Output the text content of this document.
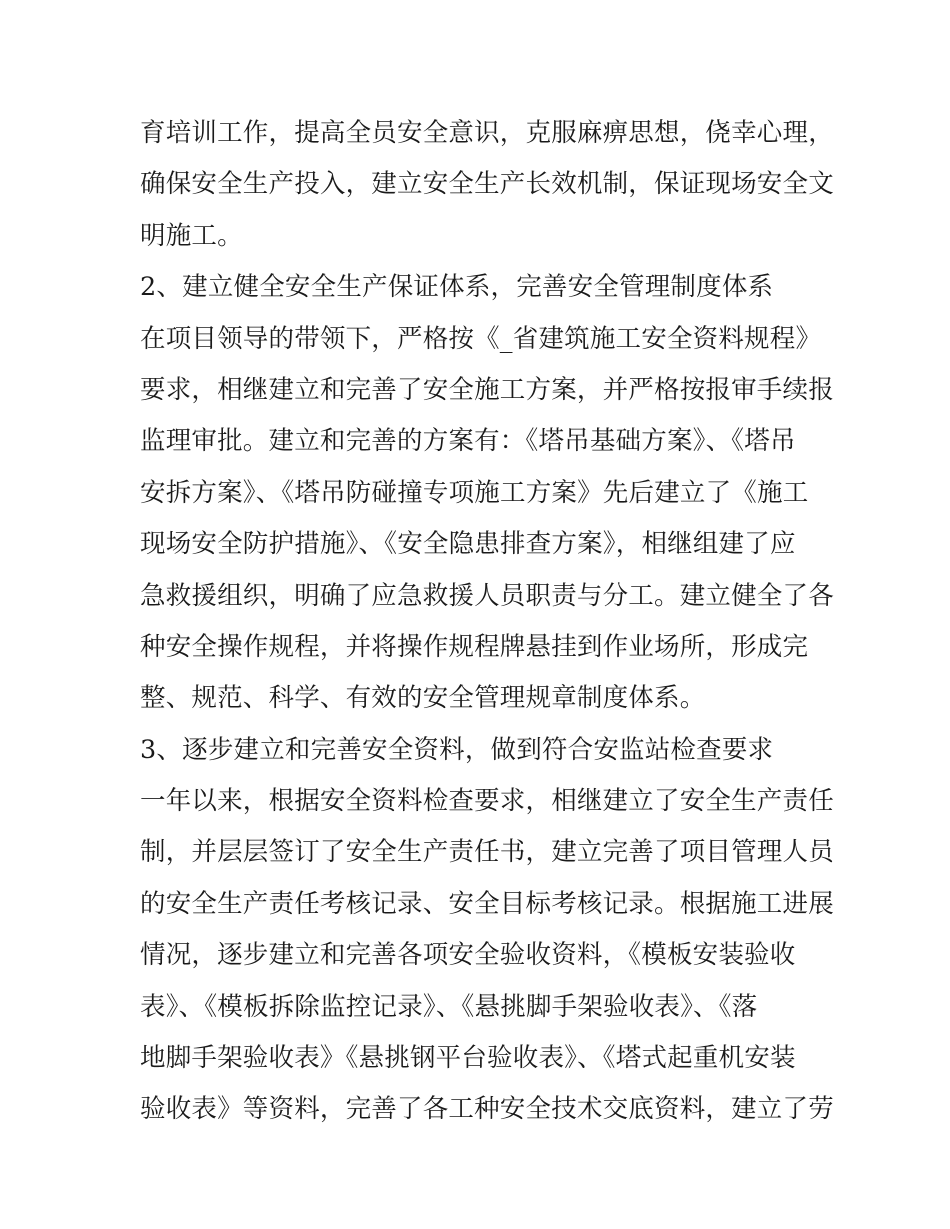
育培训工作，提高全员安全意识，克服麻痹思想，侥幸心理，
确保安全生产投入，建立安全生产长效机制，保证现场安全文
明施工。
2、建立健全安全生产保证体系，完善安全管理制度体系
在项目领导的带领下，严格按《_省建筑施工安全资料规程》
要求，相继建立和完善了安全施工方案，并严格按报审手续报
监理审批。建立和完善的方案有：《塔吊基础方案》、《塔吊
安拆方案》、《塔吊防碰撞专项施工方案》先后建立了《施工
现场安全防护措施》、《安全隐患排查方案》，相继组建了应
急救援组织，明确了应急救援人员职责与分工。建立健全了各
种安全操作规程，并将操作规程牌悬挂到作业场所，形成完
整、规范、科学、有效的安全管理规章制度体系。
3、逐步建立和完善安全资料，做到符合安监站检查要求
一年以来，根据安全资料检查要求，相继建立了安全生产责任
制，并层层签订了安全生产责任书，建立完善了项目管理人员
的安全生产责任考核记录、安全目标考核记录。根据施工进展
情况，逐步建立和完善各项安全验收资料，《模板安装验收
表》、《模板拆除监控记录》、《悬挑脚手架验收表》、《落
地脚手架验收表》《悬挑钢平台验收表》、《塔式起重机安装
验收表》等资料，完善了各工种安全技术交底资料，建立了劳
